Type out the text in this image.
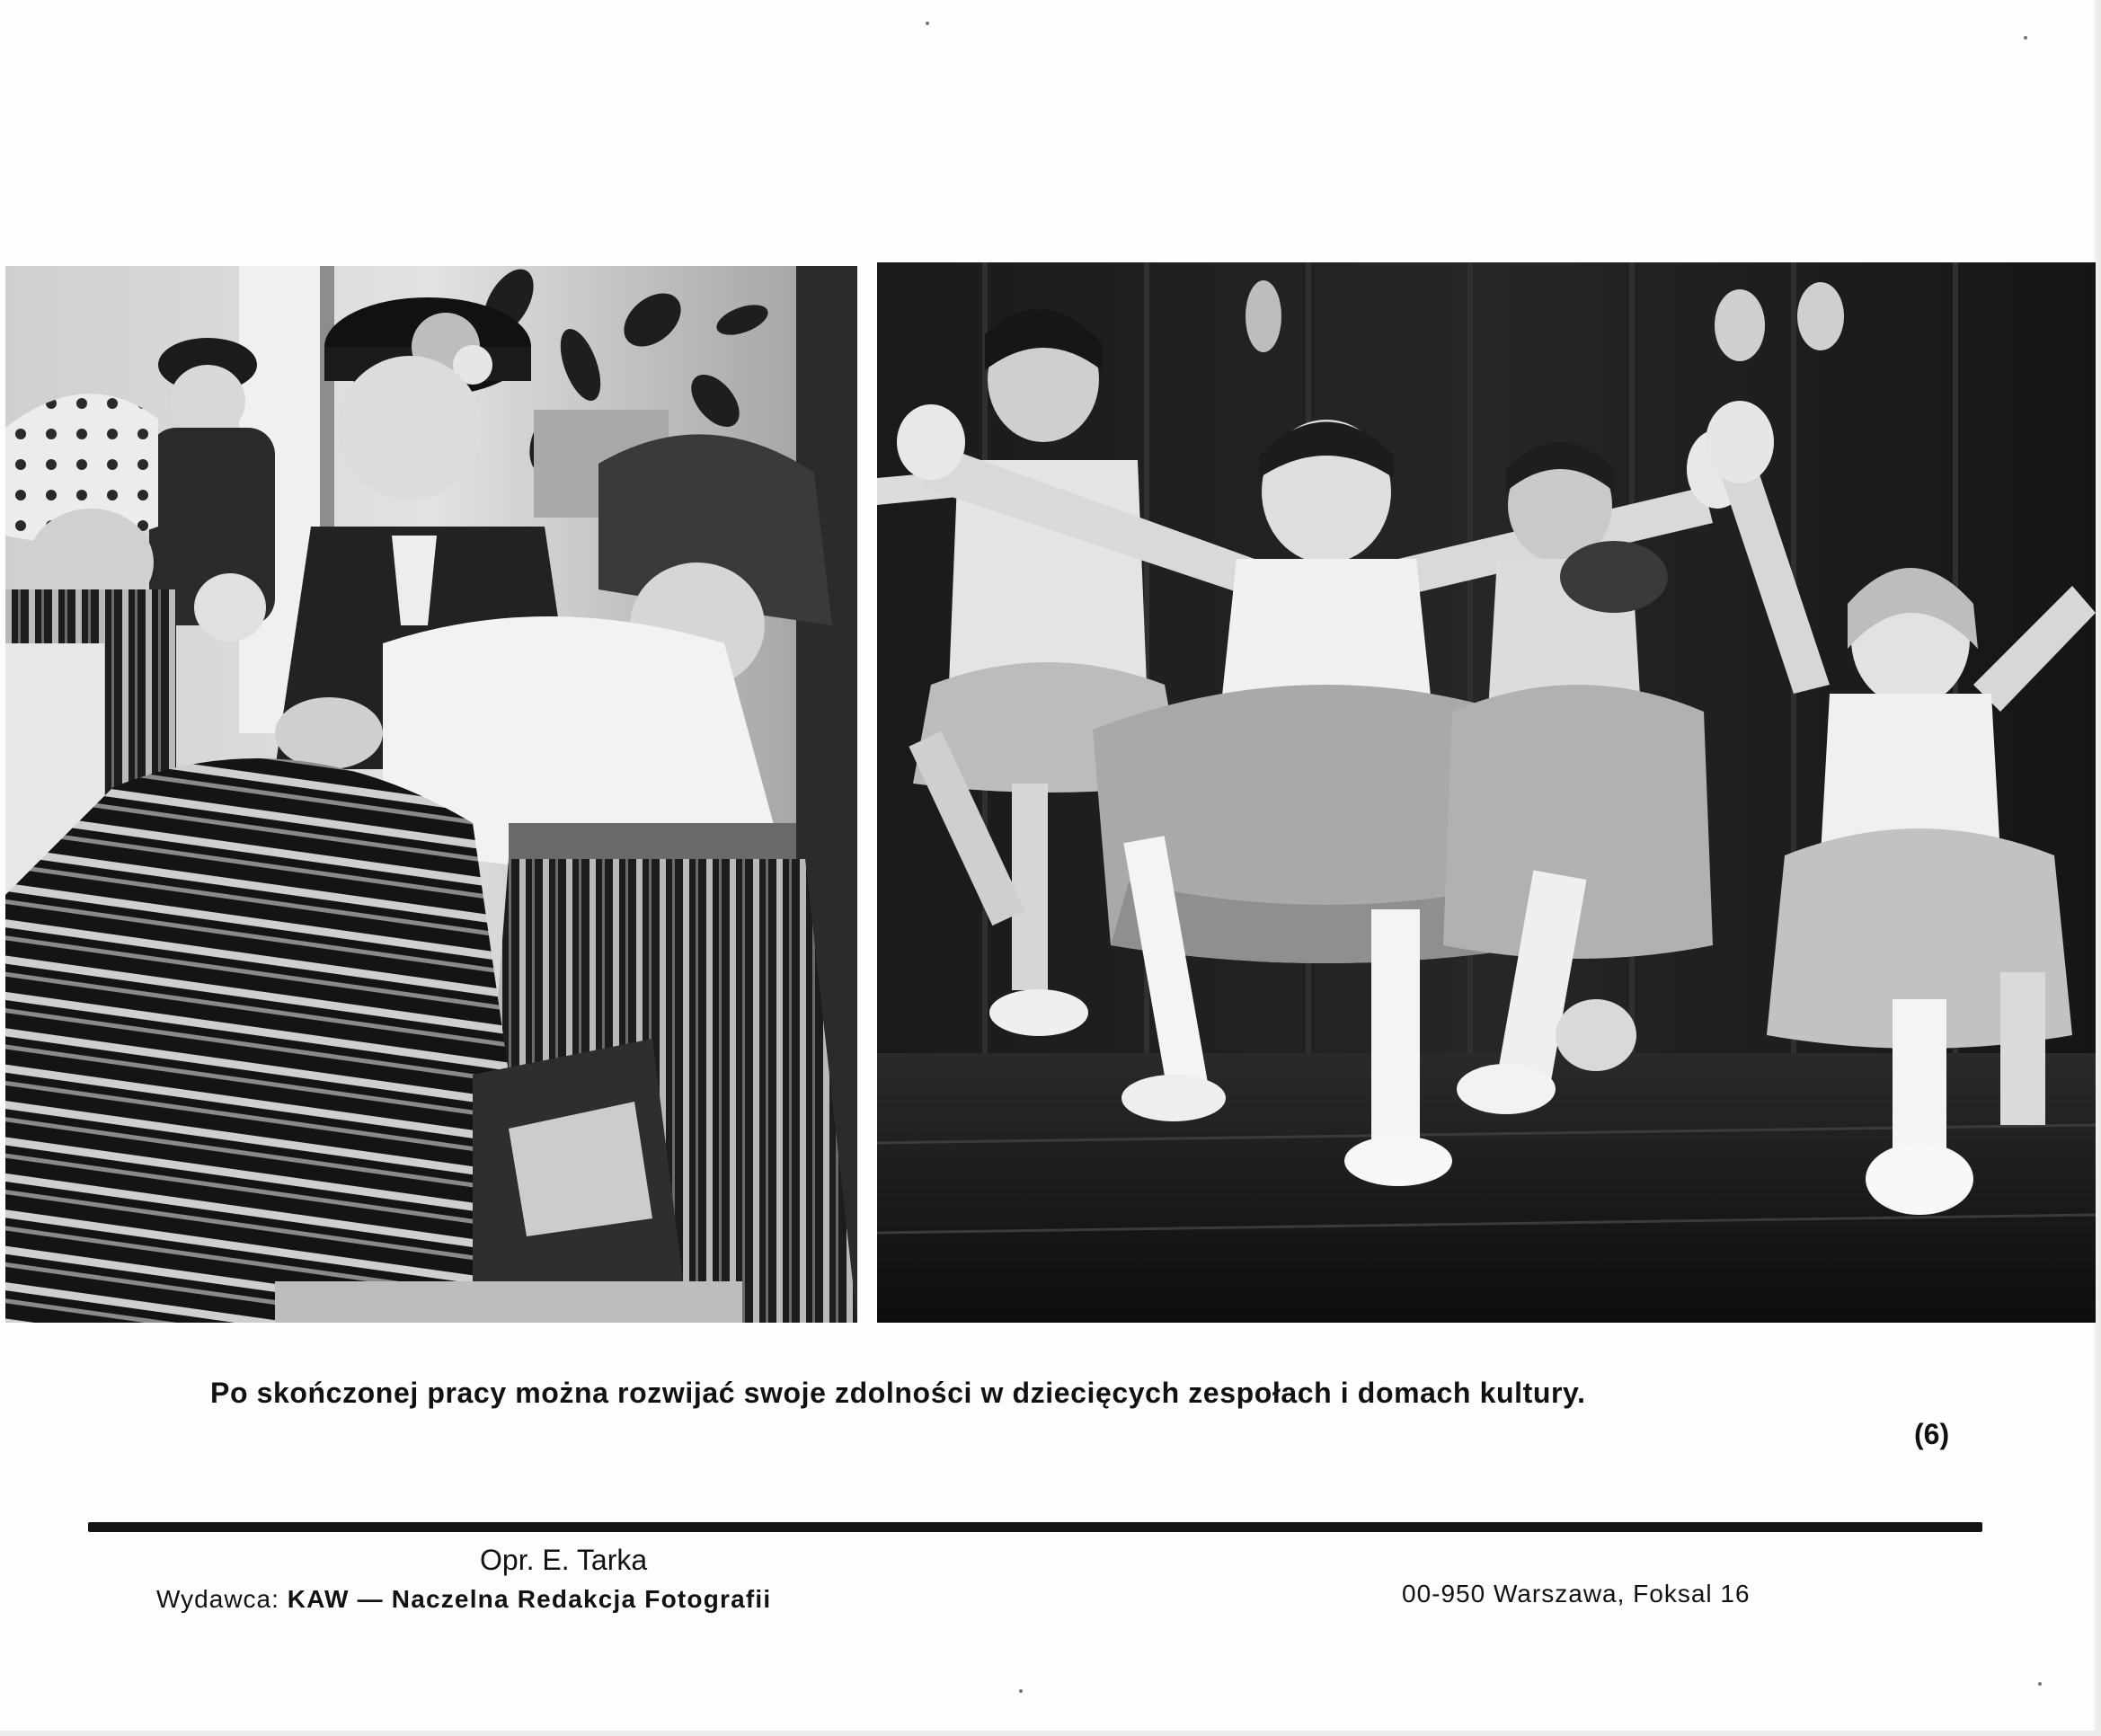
Po skończonej pracy można rozwijać swoje zdolności w dziecięcych zespołach i domach kultury.
(6)
Opr. E. Tarka
Wydawca: KAW — Naczelna Redakcja Fotografii	00-950 Warszawa, Foksal 16
